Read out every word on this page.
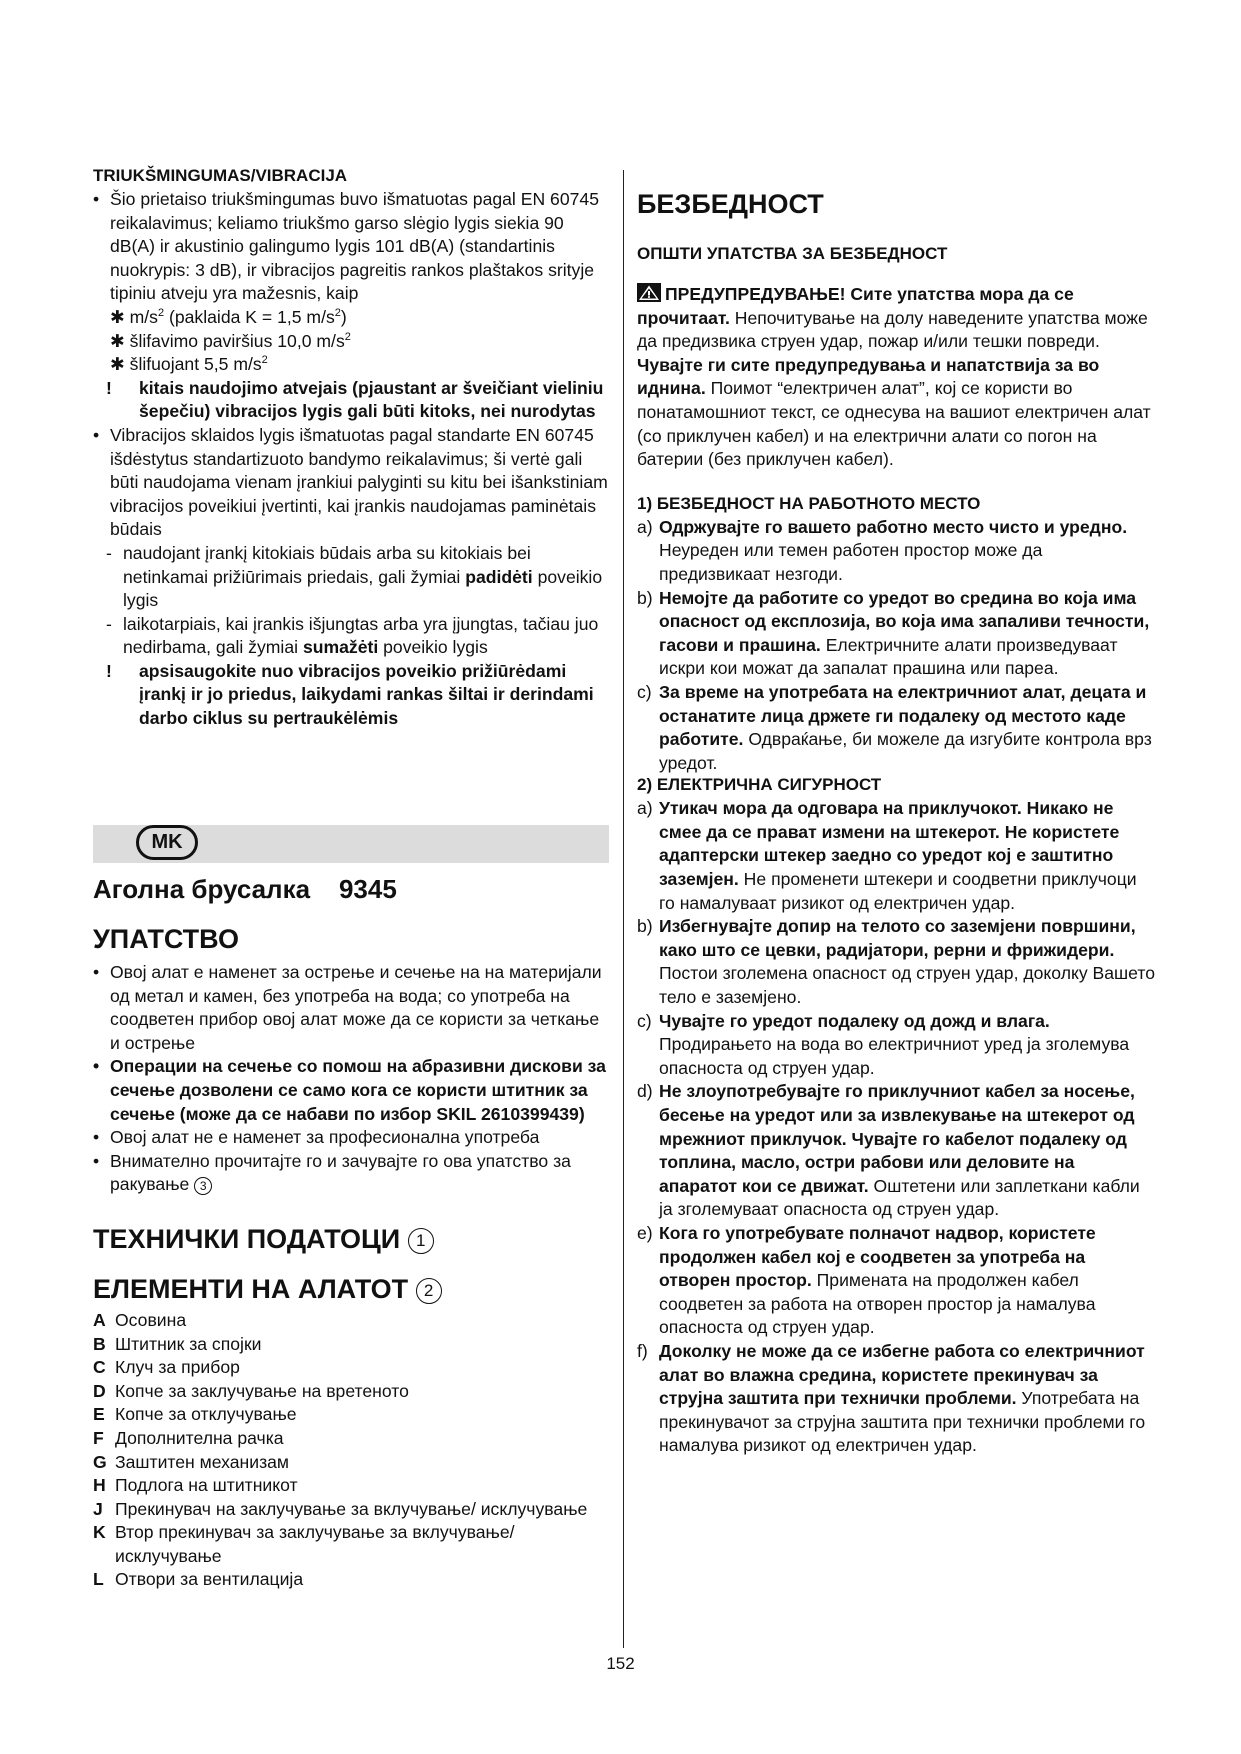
TRIUKŠMINGUMAS/VIBRACIJA

• Šio prietaiso triukšmingumas buvo išmatuotas pagal EN 60745 reikalavimus; keliamo triukšmo garso slėgio lygis siekia 90 dB(A) ir akustinio galingumo lygis 101 dB(A) (standartinis nuokrypis: 3 dB), ir vibracijos pagreitis rankos plaštakos srityje tipiniu atveju yra mažesnis, kaip
✱ $m/s^2$ (paklaida K = 1,5 $m/s^2$)
✱ šlifavimo paviršius 10,0 $m/s^2$
✱ šlifuojant 5,5 $m/s^2$
!	kitais naudojimo atvejais (pjaustant ar šveičiant vieliniu šepečiu) vibracijos lygis gali būti kitoks, nei nurodytas
• Vibracijos sklaidos lygis išmatuotas pagal standarte EN 60745 išdėstytus standartizuoto bandymo reikalavimus; ši vertė gali būti naudojama vienam įrankiui palyginti su kitu bei išankstiniam vibracijos poveikiui įvertinti, kai įrankis naudojamas paminėtais būdais
- naudojant įrankį kitokiais būdais arba su kitokiais bei netinkamai prižiūrimais priedais, gali žymiai padidėti poveikio lygis
- laikotarpiais, kai įrankis išjungtas arba yra įjungtas, tačiau juo nedirbama, gali žymiai sumažėti poveikio lygis
!	apsisaugokite nuo vibracijos poveikio prižiūrėdami įrankį ir jo priedus, laikydami rankas šiltai ir derindami darbo ciklus su pertraukėlėmis
MK

Аголна брусалка 9345

УПАТСТВО

• Овој алат е наменет за острење и сечење на на материјали од метал и камен, без употреба на вода; со употреба на соодветен прибор овој алат може да се користи за четкање и острење
• Операции на сечење со помош на абразивни дискови за сечење дозволени се само кога се користи штитник за сечење (може да се набави по избор SKIL 2610399439)
• Овој алат не е наменет за професионална употреба
• Внимателно прочитајте го и зачувајте го ова упатство за ракување 3

ТЕХНИЧКИ ПОДАТОЦИ 1

ЕЛЕМЕНТИ НА АЛАТОТ 2

A Осовина
B Штитник за спојки
C Клуч за прибор
D Копче за заклучување на вретеното
E Копче за отклучување
F Дополнителна рачка
G Заштитен механизам
H Подлога на штитникот
J Прекинувач на заклучување за вклучување/ исклучување
K Втор прекинувач за заклучување за вклучување/ исклучување
L Отвори за вентилација

БЕЗБЕДНОСТ

ОПШТИ УПАТСТВА ЗА БЕЗБЕДНОСТ

ПРЕДУПРЕДУВАЊЕ! Сите упатства мора да се прочитаат. Непочитување на долу наведените упатства може да предизвика струен удар, пожар и/или тешки повреди. Чувајте ги сите предупредувања и напатствија за во иднина. Поимот “електричен алат”, кој се користи во понатамошниот текст, се однесува на вашиот електричен алат (со приклучен кабел) и на електрични алати со погон на батерии (без приклучен кабел).

1) БЕЗБЕДНОСТ НА РАБОТНОТО МЕСТО

a) Одржувајте го вашето работно место чисто и уредно. Неуреден или темен работен простор може да предизвикаат незгоди.
b) Немојте да работите со уредот во средина во која има опасност од експлозија, во која има запаливи течности, гасови и прашина. Електричните алати произведуваат искри кои можат да запалат прашина или пареа.
c) За време на употребата на електричниот алат, децата и останатите лица држете ги подалеку од местото каде работите. Одвраќање, би можеле да изгубите контрола врз уредот.

2) ЕЛЕКТРИЧНА СИГУРНОСТ

a) Утикач мора да одговара на приклучокот. Никако не смее да се прават измени на штекерот. Не користете адаптерски штекер заедно со уредот кој е заштитно заземјен. Не променети штекери и соодветни приклучоци го намалуваат ризикот од електричен удар.
b) Избегнувајте допир на телото со заземјени површини, како што се цевки, радијатори, рерни и фрижидери. Постои зголемена опасност од струен удар, доколку Вашето тело е заземјено.
c) Чувајте го уредот подалеку од дожд и влага. Продирањето на вода во електричниот уред ја зголемува опасноста од струен удар.
d) Не злоупотребувајте го приклучниот кабел за носење, бесење на уредот или за извлекување на штекерот од мрежниот приклучок. Чувајте го кабелот подалеку од топлина, масло, остри рабови или деловите на апаратот кои се движат. Оштетени или заплеткани кабли ја зголемуваат опасноста од струен удар.
e) Кога го употребувате полначот надвор, користете продолжен кабел кој е соодветен за употреба на отворен простор. Примената на продолжен кабел соодветен за работа на отворен простор ја намалува опасноста од струен удар.
f) Доколку не може да се избегне работа со електричниот алат во влажна средина, користете прекинувач за струјна заштита при технички проблеми. Употребата на прекинувачот за струјна заштита при технички проблеми го намалува ризикот од електричен удар.
152
